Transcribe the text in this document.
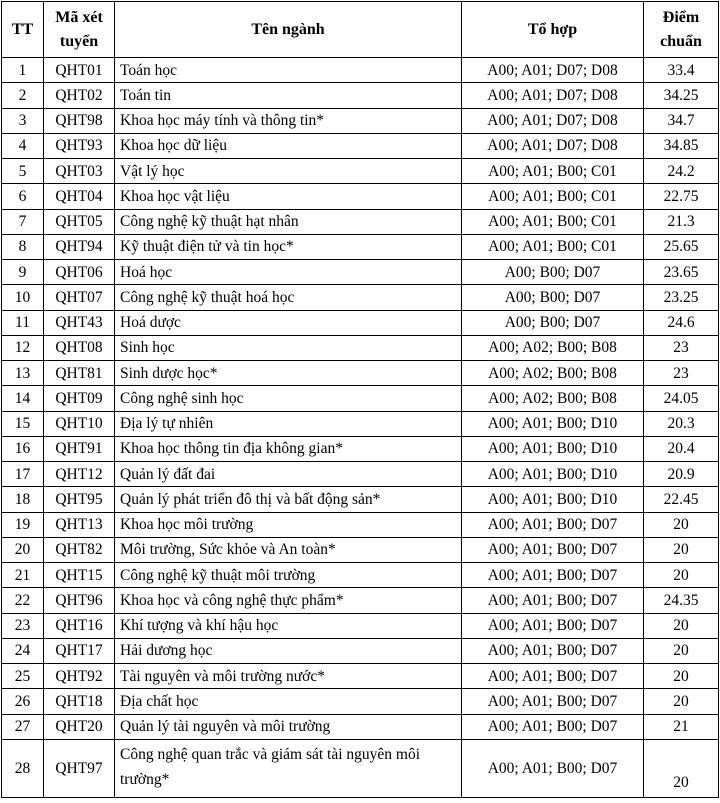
TT	Mã xét tuyển	Tên ngành	Tổ hợp	Điểm chuẩn
1	QHT01	Toán học	A00; A01; D07; D08	33.4
2	QHT02	Toán tin	A00; A01; D07; D08	34.25
3	QHT98	Khoa học máy tính và thông tin*	A00; A01; D07; D08	34.7
4	QHT93	Khoa học dữ liệu	A00; A01; D07; D08	34.85
5	QHT03	Vật lý học	A00; A01; B00; C01	24.2
6	QHT04	Khoa học vật liệu	A00; A01; B00; C01	22.75
7	QHT05	Công nghệ kỹ thuật hạt nhân	A00; A01; B00; C01	21.3
8	QHT94	Kỹ thuật điện tử và tin học*	A00; A01; B00; C01	25.65
9	QHT06	Hoá học	A00; B00; D07	23.65
10	QHT07	Công nghệ kỹ thuật hoá học	A00; B00; D07	23.25
11	QHT43	Hoá dược	A00; B00; D07	24.6
12	QHT08	Sinh học	A00; A02; B00; B08	23
13	QHT81	Sinh dược học*	A00; A02; B00; B08	23
14	QHT09	Công nghệ sinh học	A00; A02; B00; B08	24.05
15	QHT10	Địa lý tự nhiên	A00; A01; B00; D10	20.3
16	QHT91	Khoa học thông tin địa không gian*	A00; A01; B00; D10	20.4
17	QHT12	Quản lý đất đai	A00; A01; B00; D10	20.9
18	QHT95	Quản lý phát triển đô thị và bất động sản*	A00; A01; B00; D10	22.45
19	QHT13	Khoa học môi trường	A00; A01; B00; D07	20
20	QHT82	Môi trường, Sức khỏe và An toàn*	A00; A01; B00; D07	20
21	QHT15	Công nghệ kỹ thuật môi trường	A00; A01; B00; D07	20
22	QHT96	Khoa học và công nghệ thực phẩm*	A00; A01; B00; D07	24.35
23	QHT16	Khí tượng và khí hậu học	A00; A01; B00; D07	20
24	QHT17	Hải dương học	A00; A01; B00; D07	20
25	QHT92	Tài nguyên và môi trường nước*	A00; A01; B00; D07	20
26	QHT18	Địa chất học	A00; A01; B00; D07	20
27	QHT20	Quản lý tài nguyên và môi trường	A00; A01; B00; D07	21
28	QHT97	Công nghệ quan trắc và giám sát tài nguyên môi trường*	A00; A01; B00; D07	20
